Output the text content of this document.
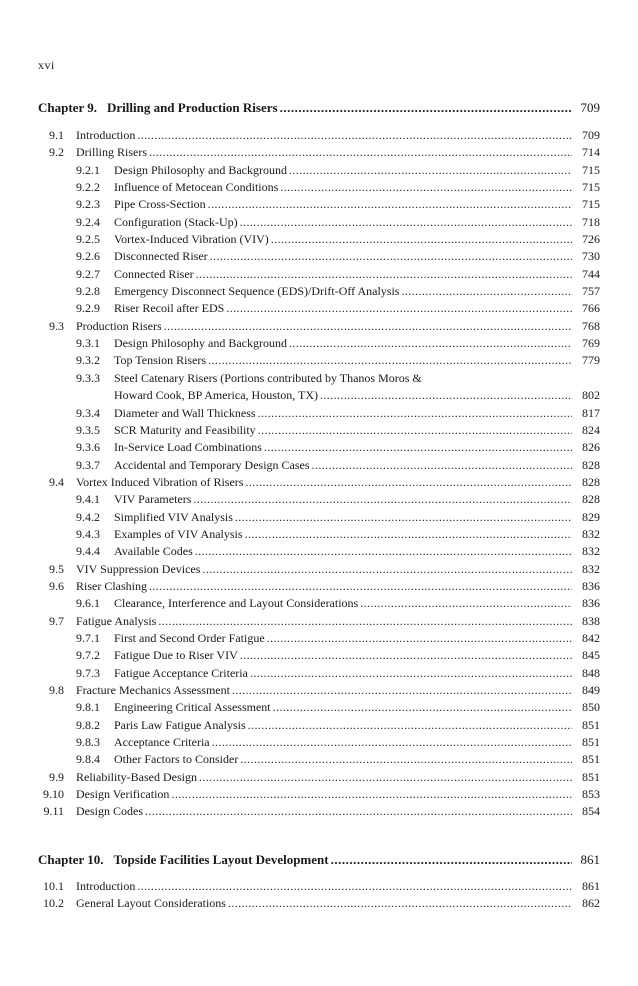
xvi
Chapter 9. Drilling and Production Risers .....	709
9.1	Introduction .....	709
9.2	Drilling Risers .....	714
9.2.1	Design Philosophy and Background .....	715
9.2.2	Influence of Metocean Conditions .....	715
9.2.3	Pipe Cross-Section .....	715
9.2.4	Configuration (Stack-Up) .....	718
9.2.5	Vortex-Induced Vibration (VIV) .....	726
9.2.6	Disconnected Riser .....	730
9.2.7	Connected Riser .....	744
9.2.8	Emergency Disconnect Sequence (EDS)/Drift-Off Analysis .....	757
9.2.9	Riser Recoil after EDS .....	766
9.3	Production Risers .....	768
9.3.1	Design Philosophy and Background .....	769
9.3.2	Top Tension Risers .....	779
9.3.3	Steel Catenary Risers (Portions contributed by Thanos Moros &
Howard Cook, BP America, Houston, TX) .....	802
9.3.4	Diameter and Wall Thickness .....	817
9.3.5	SCR Maturity and Feasibility .....	824
9.3.6	In-Service Load Combinations .....	826
9.3.7	Accidental and Temporary Design Cases .....	828
9.4	Vortex Induced Vibration of Risers .....	828
9.4.1	VIV Parameters .....	828
9.4.2	Simplified VIV Analysis .....	829
9.4.3	Examples of VIV Analysis .....	832
9.4.4	Available Codes .....	832
9.5	VIV Suppression Devices .....	832
9.6	Riser Clashing .....	836
9.6.1	Clearance, Interference and Layout Considerations .....	836
9.7	Fatigue Analysis .....	838
9.7.1	First and Second Order Fatigue .....	842
9.7.2	Fatigue Due to Riser VIV .....	845
9.7.3	Fatigue Acceptance Criteria .....	848
9.8	Fracture Mechanics Assessment .....	849
9.8.1	Engineering Critical Assessment .....	850
9.8.2	Paris Law Fatigue Analysis .....	851
9.8.3	Acceptance Criteria .....	851
9.8.4	Other Factors to Consider .....	851
9.9	Reliability-Based Design .....	851
9.10	Design Verification .....	853
9.11	Design Codes .....	854
Chapter 10. Topside Facilities Layout Development .....	861
10.1	Introduction .....	861
10.2	General Layout Considerations .....	862
